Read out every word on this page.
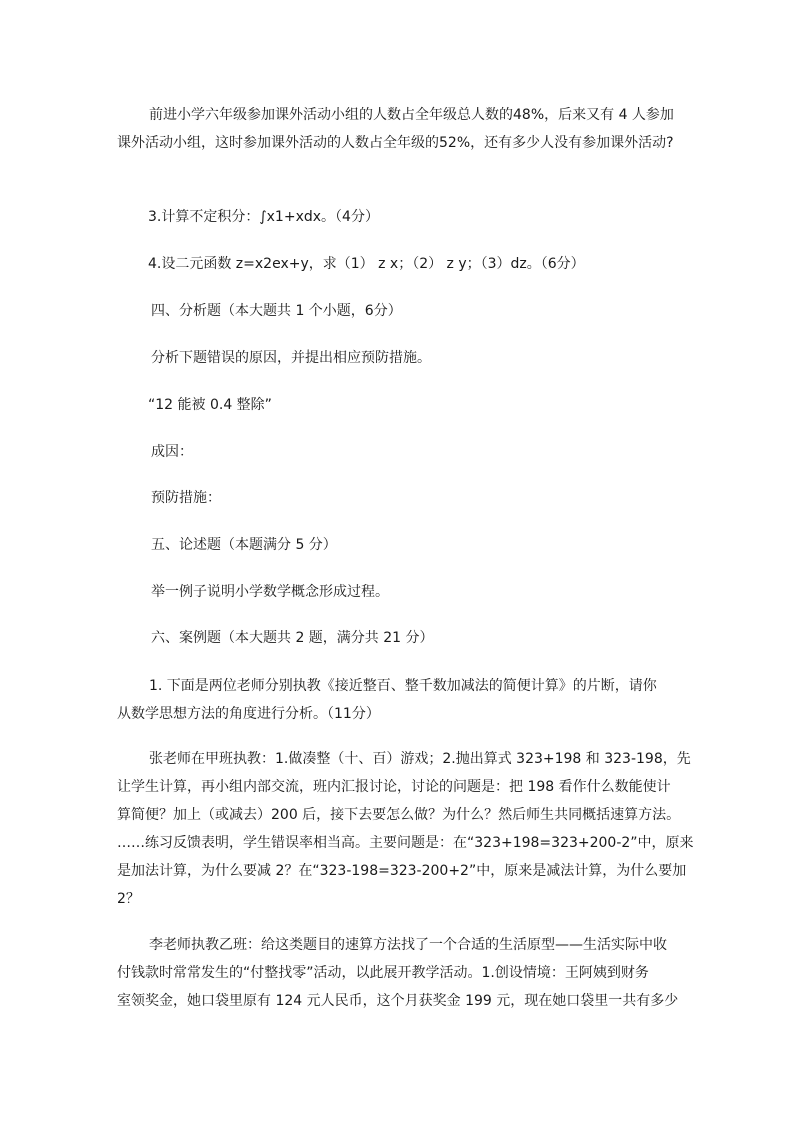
前进小学六年级参加课外活动小组的人数占全年级总人数的48%，后来又有 4 人参加
课外活动小组，这时参加课外活动的人数占全年级的52%，还有多少人没有参加课外活动?

3.计算不定积分：∫x1+xdx。（4分）

4.设二元函数 z=x2ex+y，求（1） z x；（2） z y；（3）dz。（6分）

四、分析题（本大题共 1 个小题，6分）

分析下题错误的原因，并提出相应预防措施。

“12 能被 0.4 整除”

成因：

预防措施：

五、论述题（本题满分 5 分）

举一例子说明小学数学概念形成过程。

六、案例题（本大题共 2 题，满分共 21 分）

1. 下面是两位老师分别执教《接近整百、整千数加减法的简便计算》的片断，请你
从数学思想方法的角度进行分析。（11分）

张老师在甲班执教：1.做凑整（十、百）游戏；2.抛出算式 323+198 和 323-198，先
让学生计算，再小组内部交流，班内汇报讨论，讨论的问题是：把 198 看作什么数能使计
算简便？加上（或减去）200 后，接下去要怎么做？为什么？然后师生共同概括速算方法。
……练习反馈表明，学生错误率相当高。主要问题是：在“323+198=323+200-2”中，原来
是加法计算，为什么要减 2？在“323-198=323-200+2”中，原来是减法计算，为什么要加
2？

李老师执教乙班：给这类题目的速算方法找了一个合适的生活原型——生活实际中收
付钱款时常常发生的“付整找零”活动，以此展开教学活动。1.创设情境：王阿姨到财务
室领奖金，她口袋里原有 124 元人民币，这个月获奖金 199 元，现在她口袋里一共有多少
